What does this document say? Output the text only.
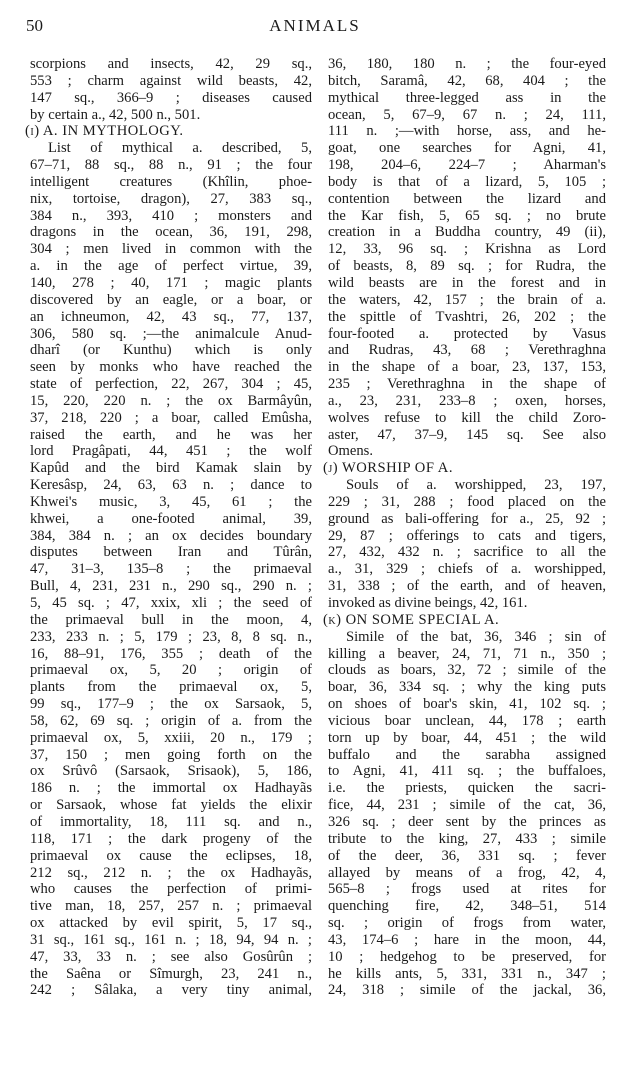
50	ANIMALS
scorpions and insects, 42, 29 sq.,
553 ; charm against wild beasts, 42,
147 sq., 366–9 ; diseases caused
by certain a., 42, 500 n., 501.
(i) A. IN MYTHOLOGY.
List of mythical a. described, 5,
67–71, 88 sq., 88 n., 91 ; the four
intelligent creatures (Khîlin, phoe-
nix, tortoise, dragon), 27, 383 sq.,
384 n., 393, 410 ; monsters and
dragons in the ocean, 36, 191, 298,
304 ; men lived in common with the
a. in the age of perfect virtue, 39,
140, 278 ; 40, 171 ; magic plants
discovered by an eagle, or a boar, or
an ichneumon, 42, 43 sq., 77, 137,
306, 580 sq. ;—the animalcule Anud-
dharî (or Kunthu) which is only
seen by monks who have reached the
state of perfection, 22, 267, 304 ; 45,
15, 220, 220 n. ; the ox Barmâyûn,
37, 218, 220 ; a boar, called Emûsha,
raised the earth, and he was her
lord Pragâpati, 44, 451 ; the wolf
Kapûd and the bird Kamak slain by
Keresâsp, 24, 63, 63 n. ; dance to
Khwei's music, 3, 45, 61 ; the
khwei, a one-footed animal, 39,
384, 384 n. ; an ox decides boundary
disputes between Iran and Tûrân,
47, 31–3, 135–8 ; the primaeval
Bull, 4, 231, 231 n., 290 sq., 290 n. ;
5, 45 sq. ; 47, xxix, xli ; the seed of
the primaeval bull in the moon, 4,
233, 233 n. ; 5, 179 ; 23, 8, 8 sq. n.,
16, 88–91, 176, 355 ; death of the
primaeval ox, 5, 20 ; origin of
plants from the primaeval ox, 5,
99 sq., 177–9 ; the ox Sarsaok, 5,
58, 62, 69 sq. ; origin of a. from the
primaeval ox, 5, xxiii, 20 n., 179 ;
37, 150 ; men going forth on the
ox Srûvô (Sarsaok, Srisaok), 5, 186,
186 n. ; the immortal ox Hadhayãs
or Sarsaok, whose fat yields the elixir
of immortality, 18, 111 sq. and n.,
118, 171 ; the dark progeny of the
primaeval ox cause the eclipses, 18,
212 sq., 212 n. ; the ox Hadhayãs,
who causes the perfection of primi-
tive man, 18, 257, 257 n. ; primaeval
ox attacked by evil spirit, 5, 17 sq.,
31 sq., 161 sq., 161 n. ; 18, 94, 94 n. ;
47, 33, 33 n. ; see also Gosûrûn ;
the Saêna or Sîmurgh, 23, 241 n.,
242 ; Sâlaka, a very tiny animal,
36, 180, 180 n. ; the four-eyed
bitch, Saramâ, 42, 68, 404 ; the
mythical three-legged ass in the
ocean, 5, 67–9, 67 n. ; 24, 111,
111 n. ;—with horse, ass, and he-
goat, one searches for Agni, 41,
198, 204–6, 224–7 ; Aharman's
body is that of a lizard, 5, 105 ;
contention between the lizard and
the Kar fish, 5, 65 sq. ; no brute
creation in a Buddha country, 49 (ii),
12, 33, 96 sq. ; Krishna as Lord
of beasts, 8, 89 sq. ; for Rudra, the
wild beasts are in the forest and in
the waters, 42, 157 ; the brain of a.
the spittle of Tvashtri, 26, 202 ; the
four-footed a. protected by Vasus
and Rudras, 43, 68 ; Verethraghna
in the shape of a boar, 23, 137, 153,
235 ; Verethraghna in the shape of
a., 23, 231, 233–8 ; oxen, horses,
wolves refuse to kill the child Zoro-
aster, 47, 37–9, 145 sq. See also
Omens.
(j) WORSHIP OF A.
Souls of a. worshipped, 23, 197,
229 ; 31, 288 ; food placed on the
ground as bali-offering for a., 25, 92 ;
29, 87 ; offerings to cats and tigers,
27, 432, 432 n. ; sacrifice to all the
a., 31, 329 ; chiefs of a. worshipped,
31, 338 ; of the earth, and of heaven,
invoked as divine beings, 42, 161.
(k) ON SOME SPECIAL A.
Simile of the bat, 36, 346 ; sin of
killing a beaver, 24, 71, 71 n., 350 ;
clouds as boars, 32, 72 ; simile of the
boar, 36, 334 sq. ; why the king puts
on shoes of boar's skin, 41, 102 sq. ;
vicious boar unclean, 44, 178 ; earth
torn up by boar, 44, 451 ; the wild
buffalo and the sarabha assigned
to Agni, 41, 411 sq. ; the buffaloes,
i.e. the priests, quicken the sacri-
fice, 44, 231 ; simile of the cat, 36,
326 sq. ; deer sent by the princes as
tribute to the king, 27, 433 ; simile
of the deer, 36, 331 sq. ; fever
allayed by means of a frog, 42, 4,
565–8 ; frogs used at rites for
quenching fire, 42, 348–51, 514
sq. ; origin of frogs from water,
43, 174–6 ; hare in the moon, 44,
10 ; hedgehog to be preserved, for
he kills ants, 5, 331, 331 n., 347 ;
24, 318 ; simile of the jackal, 36,
